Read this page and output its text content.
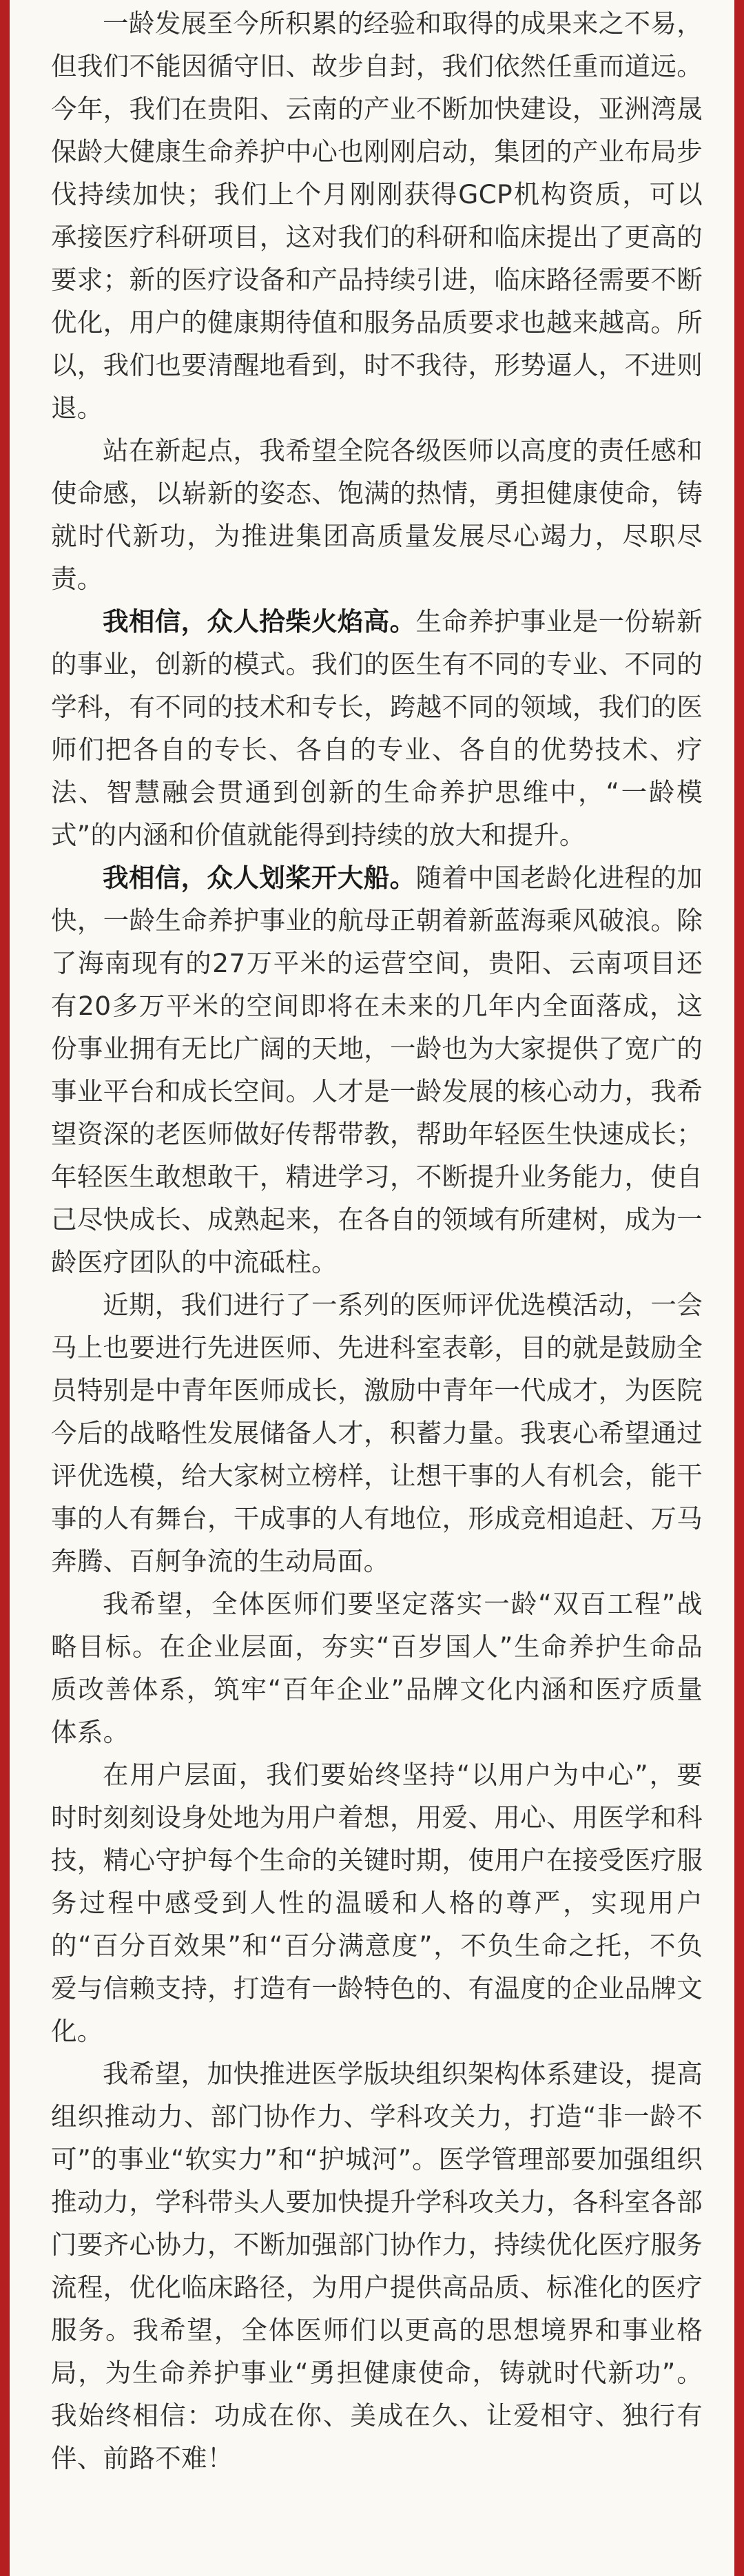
一龄发展至今所积累的经验和取得的成果来之不易，但我们不能因循守旧、故步自封，我们依然任重而道远。今年，我们在贵阳、云南的产业不断加快建设，亚洲湾晟保龄大健康生命养护中心也刚刚启动，集团的产业布局步伐持续加快；我们上个月刚刚获得GCP机构资质，可以承接医疗科研项目，这对我们的科研和临床提出了更高的要求；新的医疗设备和产品持续引进，临床路径需要不断优化，用户的健康期待值和服务品质要求也越来越高。所以，我们也要清醒地看到，时不我待，形势逼人，不进则退。

站在新起点，我希望全院各级医师以高度的责任感和使命感，以崭新的姿态、饱满的热情，勇担健康使命，铸就时代新功，为推进集团高质量发展尽心竭力，尽职尽责。

我相信，众人拾柴火焰高。生命养护事业是一份崭新的事业，创新的模式。我们的医生有不同的专业、不同的学科，有不同的技术和专长，跨越不同的领域，我们的医师们把各自的专长、各自的专业、各自的优势技术、疗法、智慧融会贯通到创新的生命养护思维中，“一龄模式”的内涵和价值就能得到持续的放大和提升。

我相信，众人划桨开大船。随着中国老龄化进程的加快，一龄生命养护事业的航母正朝着新蓝海乘风破浪。除了海南现有的27万平米的运营空间，贵阳、云南项目还有20多万平米的空间即将在未来的几年内全面落成，这份事业拥有无比广阔的天地，一龄也为大家提供了宽广的事业平台和成长空间。人才是一龄发展的核心动力，我希望资深的老医师做好传帮带教，帮助年轻医生快速成长；年轻医生敢想敢干，精进学习，不断提升业务能力，使自己尽快成长、成熟起来，在各自的领域有所建树，成为一龄医疗团队的中流砥柱。

近期，我们进行了一系列的医师评优选模活动，一会马上也要进行先进医师、先进科室表彰，目的就是鼓励全员特别是中青年医师成长，激励中青年一代成才，为医院今后的战略性发展储备人才，积蓄力量。我衷心希望通过评优选模，给大家树立榜样，让想干事的人有机会，能干事的人有舞台，干成事的人有地位，形成竞相追赶、万马奔腾、百舸争流的生动局面。

我希望，全体医师们要坚定落实一龄“双百工程”战略目标。在企业层面，夯实“百岁国人”生命养护生命品质改善体系，筑牢“百年企业”品牌文化内涵和医疗质量体系。

在用户层面，我们要始终坚持“以用户为中心”，要时时刻刻设身处地为用户着想，用爱、用心、用医学和科技，精心守护每个生命的关键时期，使用户在接受医疗服务过程中感受到人性的温暖和人格的尊严，实现用户的“百分百效果”和“百分满意度”，不负生命之托，不负爱与信赖支持，打造有一龄特色的、有温度的企业品牌文化。

我希望，加快推进医学版块组织架构体系建设，提高组织推动力、部门协作力、学科攻关力，打造“非一龄不可”的事业“软实力”和“护城河”。医学管理部要加强组织推动力，学科带头人要加快提升学科攻关力，各科室各部门要齐心协力，不断加强部门协作力，持续优化医疗服务流程，优化临床路径，为用户提供高品质、标准化的医疗服务。我希望，全体医师们以更高的思想境界和事业格局，为生命养护事业“勇担健康使命，铸就时代新功”。我始终相信：功成在你、美成在久、让爱相守、独行有伴、前路不难！
